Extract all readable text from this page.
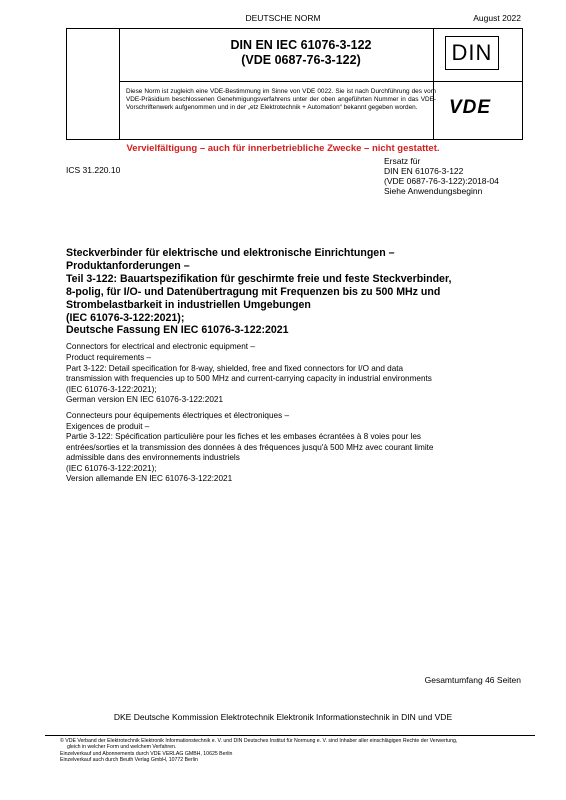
DEUTSCHE NORM	August 2022
DIN EN IEC 61076-3-122
(VDE 0687-76-3-122)	DIN
Diese Norm ist zugleich eine VDE-Bestimmung im Sinne von VDE 0022. Sie ist nach Durchführung des vom VDE-Präsidium beschlossenen Genehmigungsverfahrens unter der oben angeführten Nummer in das VDE-Vorschriftenwerk aufgenommen und in der „etz Elektrotechnik + Automation“ bekannt gegeben worden.	VDE
Vervielfältigung – auch für innerbetriebliche Zwecke – nicht gestattet.
ICS 31.220.10
Ersatz für
DIN EN 61076-3-122
(VDE 0687-76-3-122):2018-04
Siehe Anwendungsbeginn
Steckverbinder für elektrische und elektronische Einrichtungen –
Produktanforderungen –
Teil 3-122: Bauartspezifikation für geschirmte freie und feste Steckverbinder,
8-polig, für I/O- und Datenübertragung mit Frequenzen bis zu 500 MHz und
Strombelastbarkeit in industriellen Umgebungen
(IEC 61076-3-122:2021);
Deutsche Fassung EN IEC 61076-3-122:2021
Connectors for electrical and electronic equipment –
Product requirements –
Part 3-122: Detail specification for 8-way, shielded, free and fixed connectors for I/O and data
transmission with frequencies up to 500 MHz and current-carrying capacity in industrial environments
(IEC 61076-3-122:2021);
German version EN IEC 61076-3-122:2021
Connecteurs pour équipements électriques et électroniques –
Exigences de produit –
Partie 3-122: Spécification particulière pour les fiches et les embases écrantées à 8 voies pour les
entrées/sorties et la transmission des données à des fréquences jusqu'à 500 MHz avec courant limite
admissible dans des environnements industriels
(IEC 61076-3-122:2021);
Version allemande EN IEC 61076-3-122:2021
Gesamtumfang 46 Seiten
DKE Deutsche Kommission Elektrotechnik Elektronik Informationstechnik in DIN und VDE
© VDE Verband der Elektrotechnik Elektronik Informationstechnik e. V. und DIN Deutsches Institut für Normung e. V. sind Inhaber aller einschlägigen Rechte der Verwertung,
gleich in welcher Form und welchem Verfahren.
Einzelverkauf und Abonnements durch VDE VERLAG GMBH, 10625 Berlin
Einzelverkauf auch durch Beuth Verlag GmbH, 10772 Berlin
